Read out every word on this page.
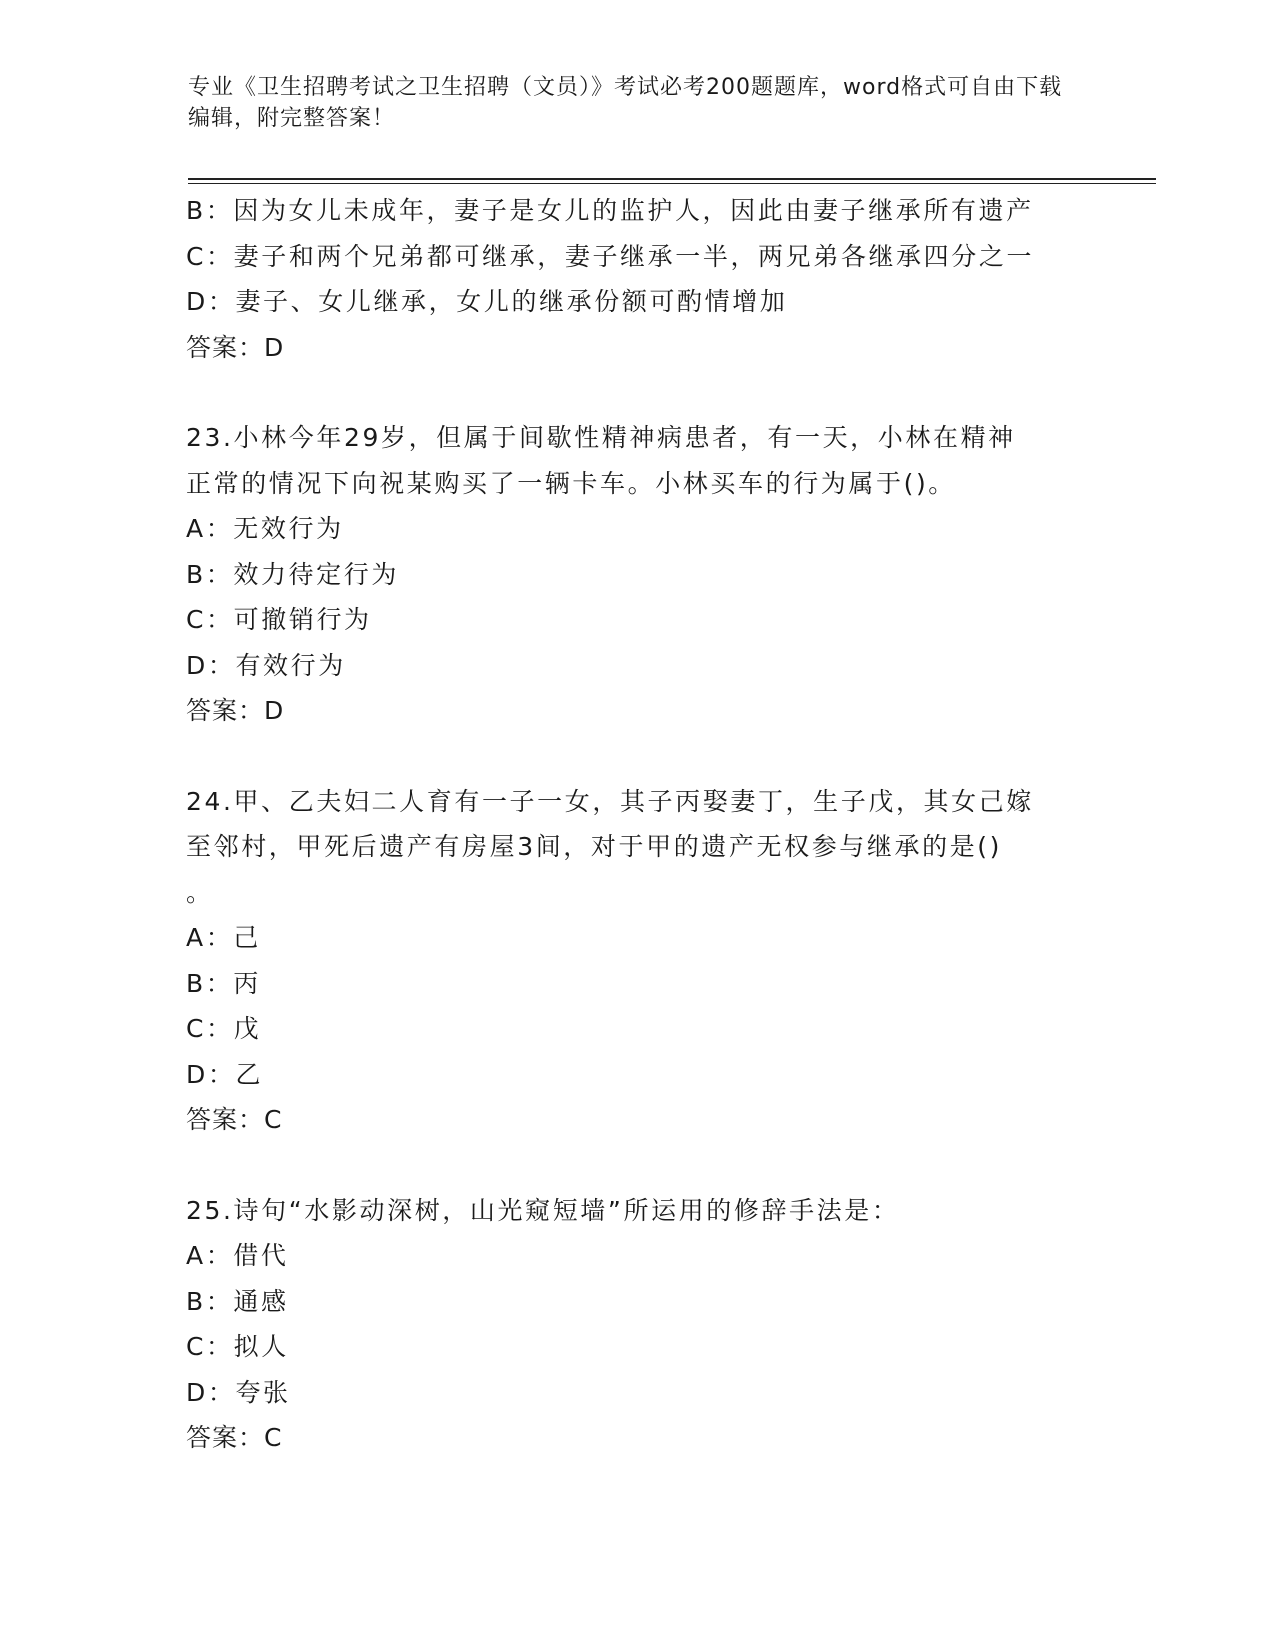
专业《卫生招聘考试之卫生招聘（文员）》考试必考200题题库，word格式可自由下载编辑，附完整答案！
B：因为女儿未成年，妻子是女儿的监护人，因此由妻子继承所有遗产
C：妻子和两个兄弟都可继承，妻子继承一半，两兄弟各继承四分之一
D：妻子、女儿继承，女儿的继承份额可酌情增加
答案：D
23.小林今年29岁，但属于间歇性精神病患者，有一天，小林在精神
正常的情况下向祝某购买了一辆卡车。小林买车的行为属于()。
A：无效行为
B：效力待定行为
C：可撤销行为
D：有效行为
答案：D
24.甲、乙夫妇二人育有一子一女，其子丙娶妻丁，生子戊，其女己嫁
至邻村，甲死后遗产有房屋3间，对于甲的遗产无权参与继承的是()
。
A：己
B：丙
C：戊
D：乙
答案：C
25.诗句“水影动深树，山光窥短墙”所运用的修辞手法是：
A：借代
B：通感
C：拟人
D：夸张
答案：C
